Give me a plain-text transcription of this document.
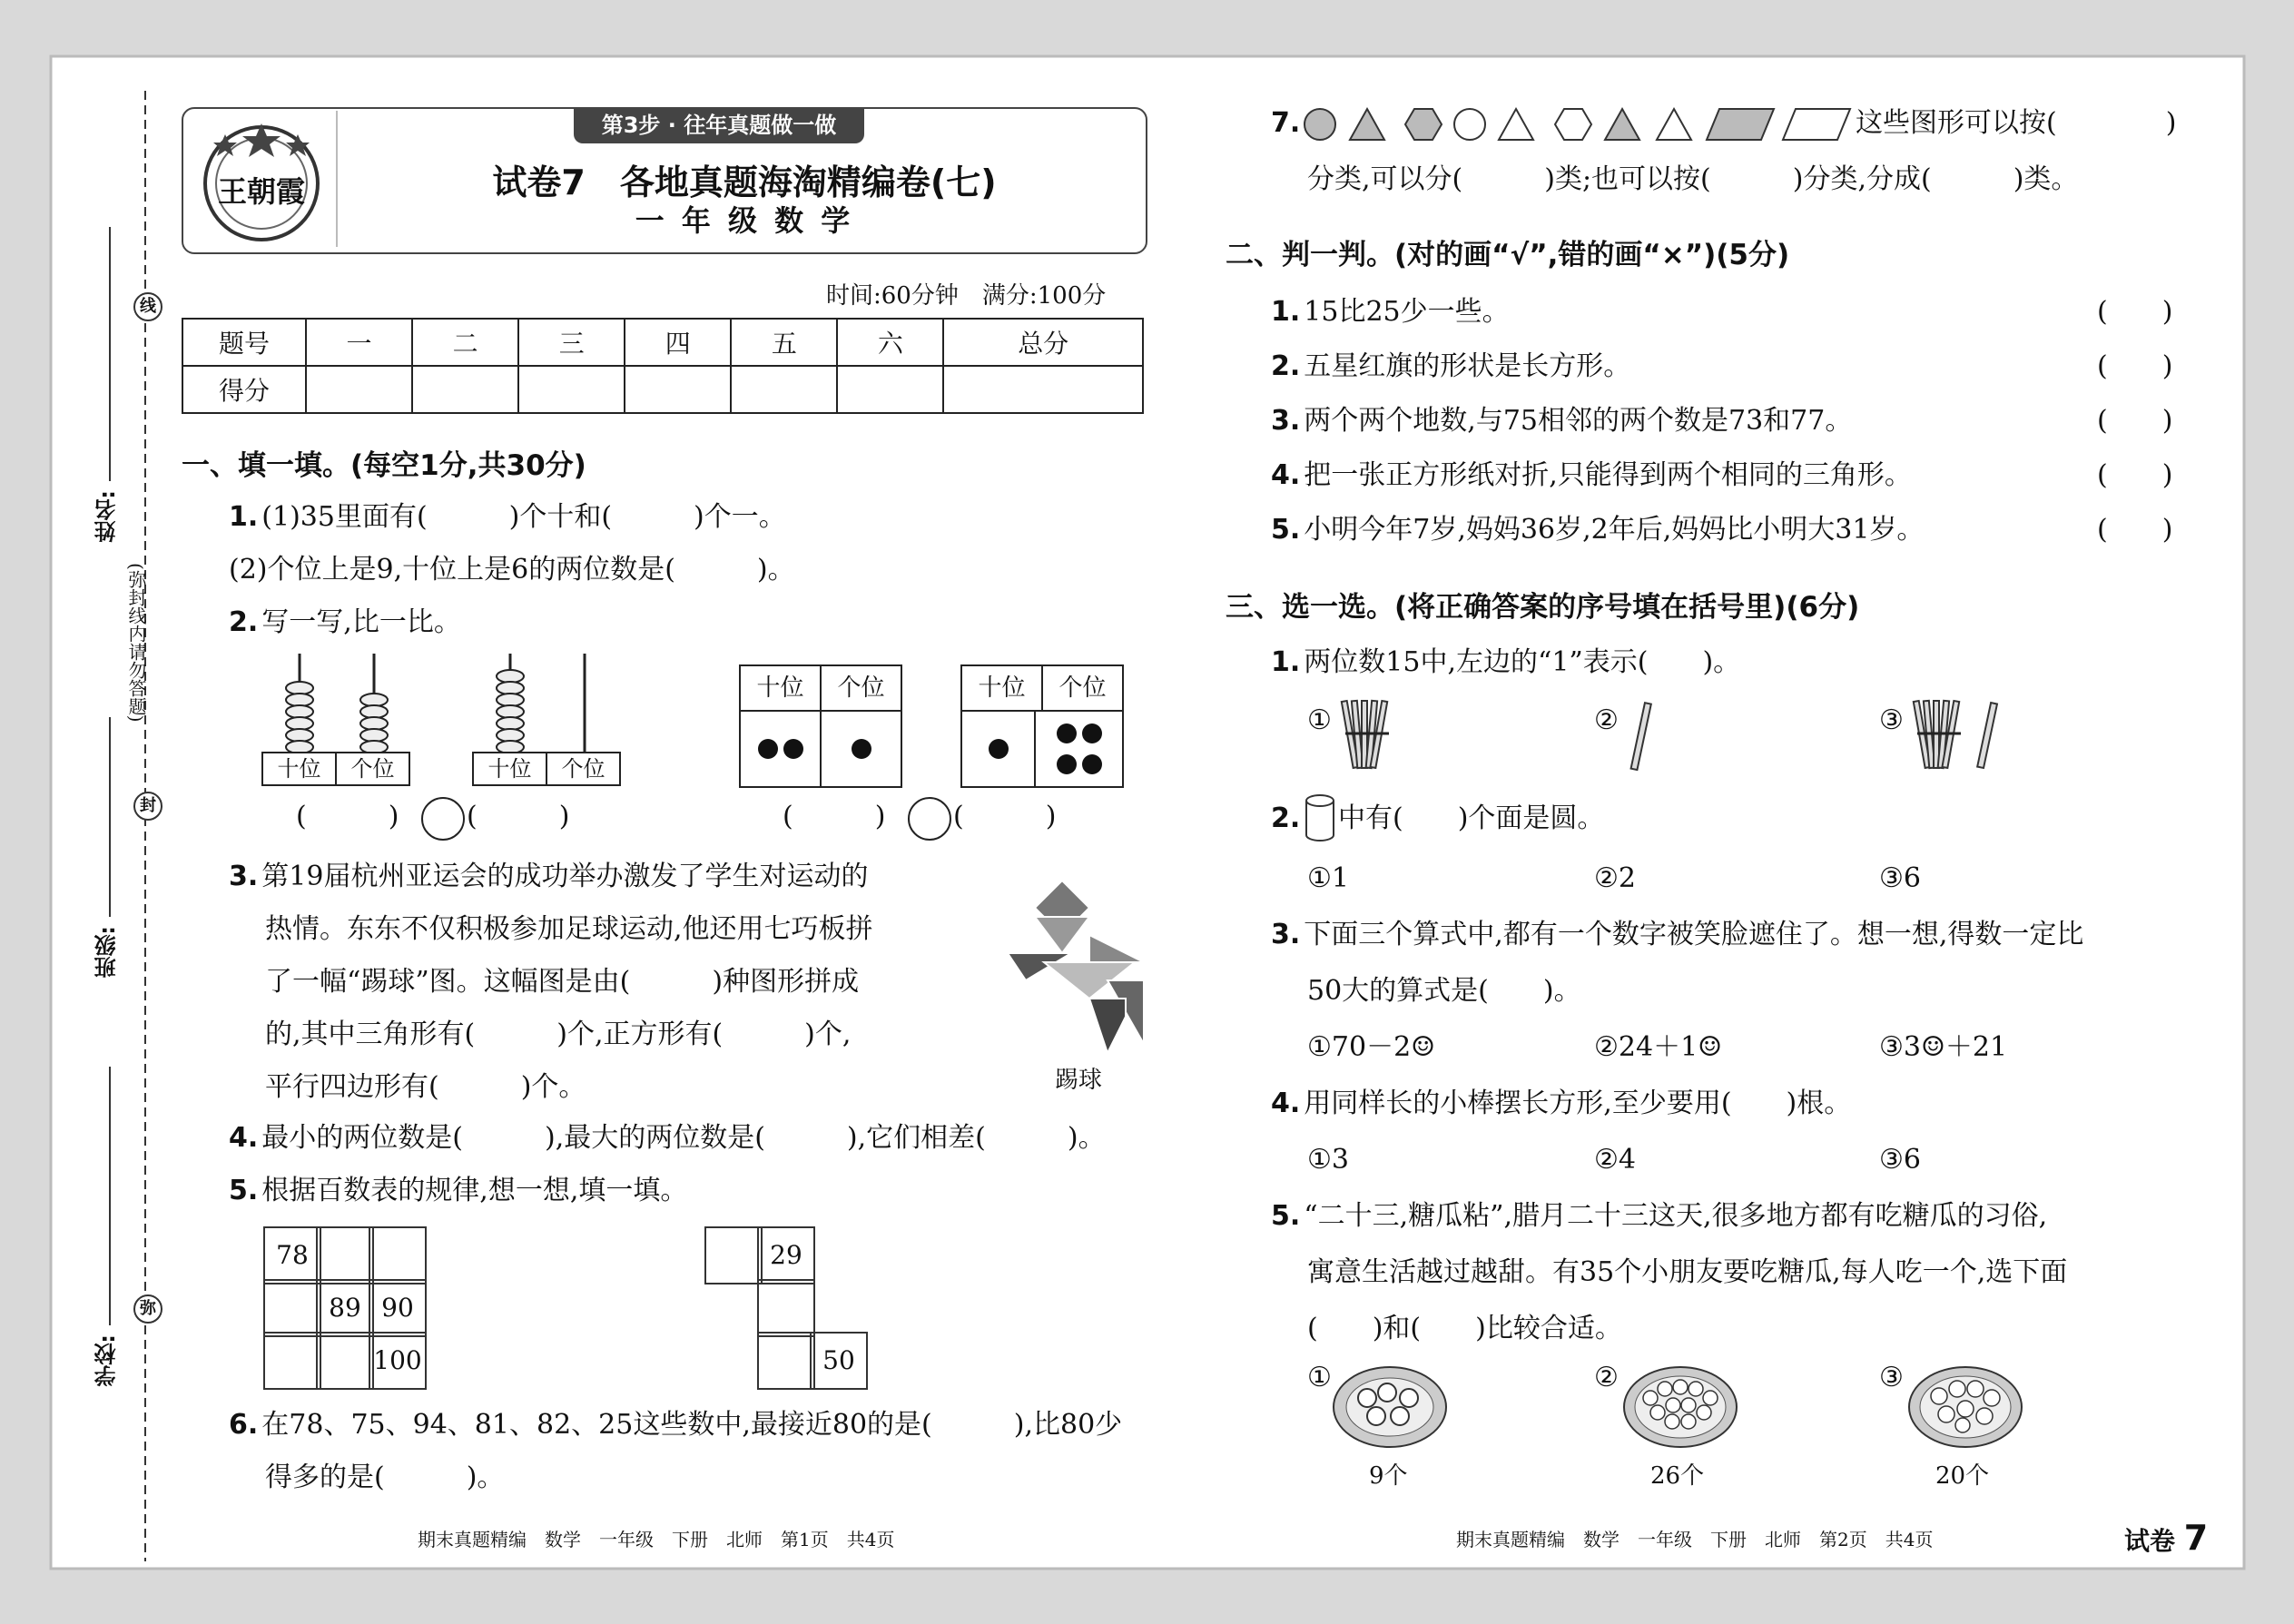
线
封
弥
(弥封线内请勿答题)
姓名:
班级:
学校:
王朝霞
第3步 · 往年真题做一做
试卷7　各地真题海淘精编卷(七)
一 年 级 数 学
时间:60分钟　满分:100分
题号	一	二	三	四	五	六	总分
得分							
一、填一填。(每空1分,共30分)
1. (1)35里面有(　　　)个十和(　　　)个一。
(2)个位上是9,十位上是6的两位数是(　　　)。
2. 写一写,比一比。
十位	个位	十位	个位
十位	个位	十位	个位
(　　　) (　　　)	(　　　) (　　　)
3. 第19届杭州亚运会的成功举办激发了学生对运动的
热情。东东不仅积极参加足球运动,他还用七巧板拼
了一幅“踢球”图。这幅图是由(　　　)种图形拼成
的,其中三角形有(　　　)个,正方形有(　　　)个,
平行四边形有(　　　)个。	踢球
4. 最小的两位数是(　　　),最大的两位数是(　　　),它们相差(　　　)。
5. 根据百数表的规律,想一想,填一填。
78
89 90
100
29
50
6. 在78、75、94、81、82、25这些数中,最接近80的是(　　　),比80少
得多的是(　　　)。
期末真题精编　数学　一年级　下册　北师　第1页　共4页
7.	这些图形可以按(　　　　)
分类,可以分(　　　)类;也可以按(　　　)分类,分成(　　　)类。
二、判一判。(对的画“√”,错的画“×”)(5分)
1. 15比25少一些。	(　　)
2. 五星红旗的形状是长方形。	(　　)
3. 两个两个地数,与75相邻的两个数是73和77。	(　　)
4. 把一张正方形纸对折,只能得到两个相同的三角形。	(　　)
5. 小明今年7岁,妈妈36岁,2年后,妈妈比小明大31岁。	(　　)
三、选一选。(将正确答案的序号填在括号里)(6分)
1. 两位数15中,左边的“1”表示(　　)。
①	②	③
2. 中有(　　)个面是圆。
①1	②2	③6
3. 下面三个算式中,都有一个数字被笑脸遮住了。想一想,得数一定比
50大的算式是(　　)。
①70－2☺	②24＋1☺	③3☺＋21
4. 用同样长的小棒摆长方形,至少要用(　　)根。
①3	②4	③6
5. “二十三,糖瓜粘”,腊月二十三这天,很多地方都有吃糖瓜的习俗,
寓意生活越过越甜。有35个小朋友要吃糖瓜,每人吃一个,选下面
(　　)和(　　)比较合适。
①
9个
②
26个
③
20个
期末真题精编　数学　一年级　下册　北师　第2页　共4页	试卷 7
